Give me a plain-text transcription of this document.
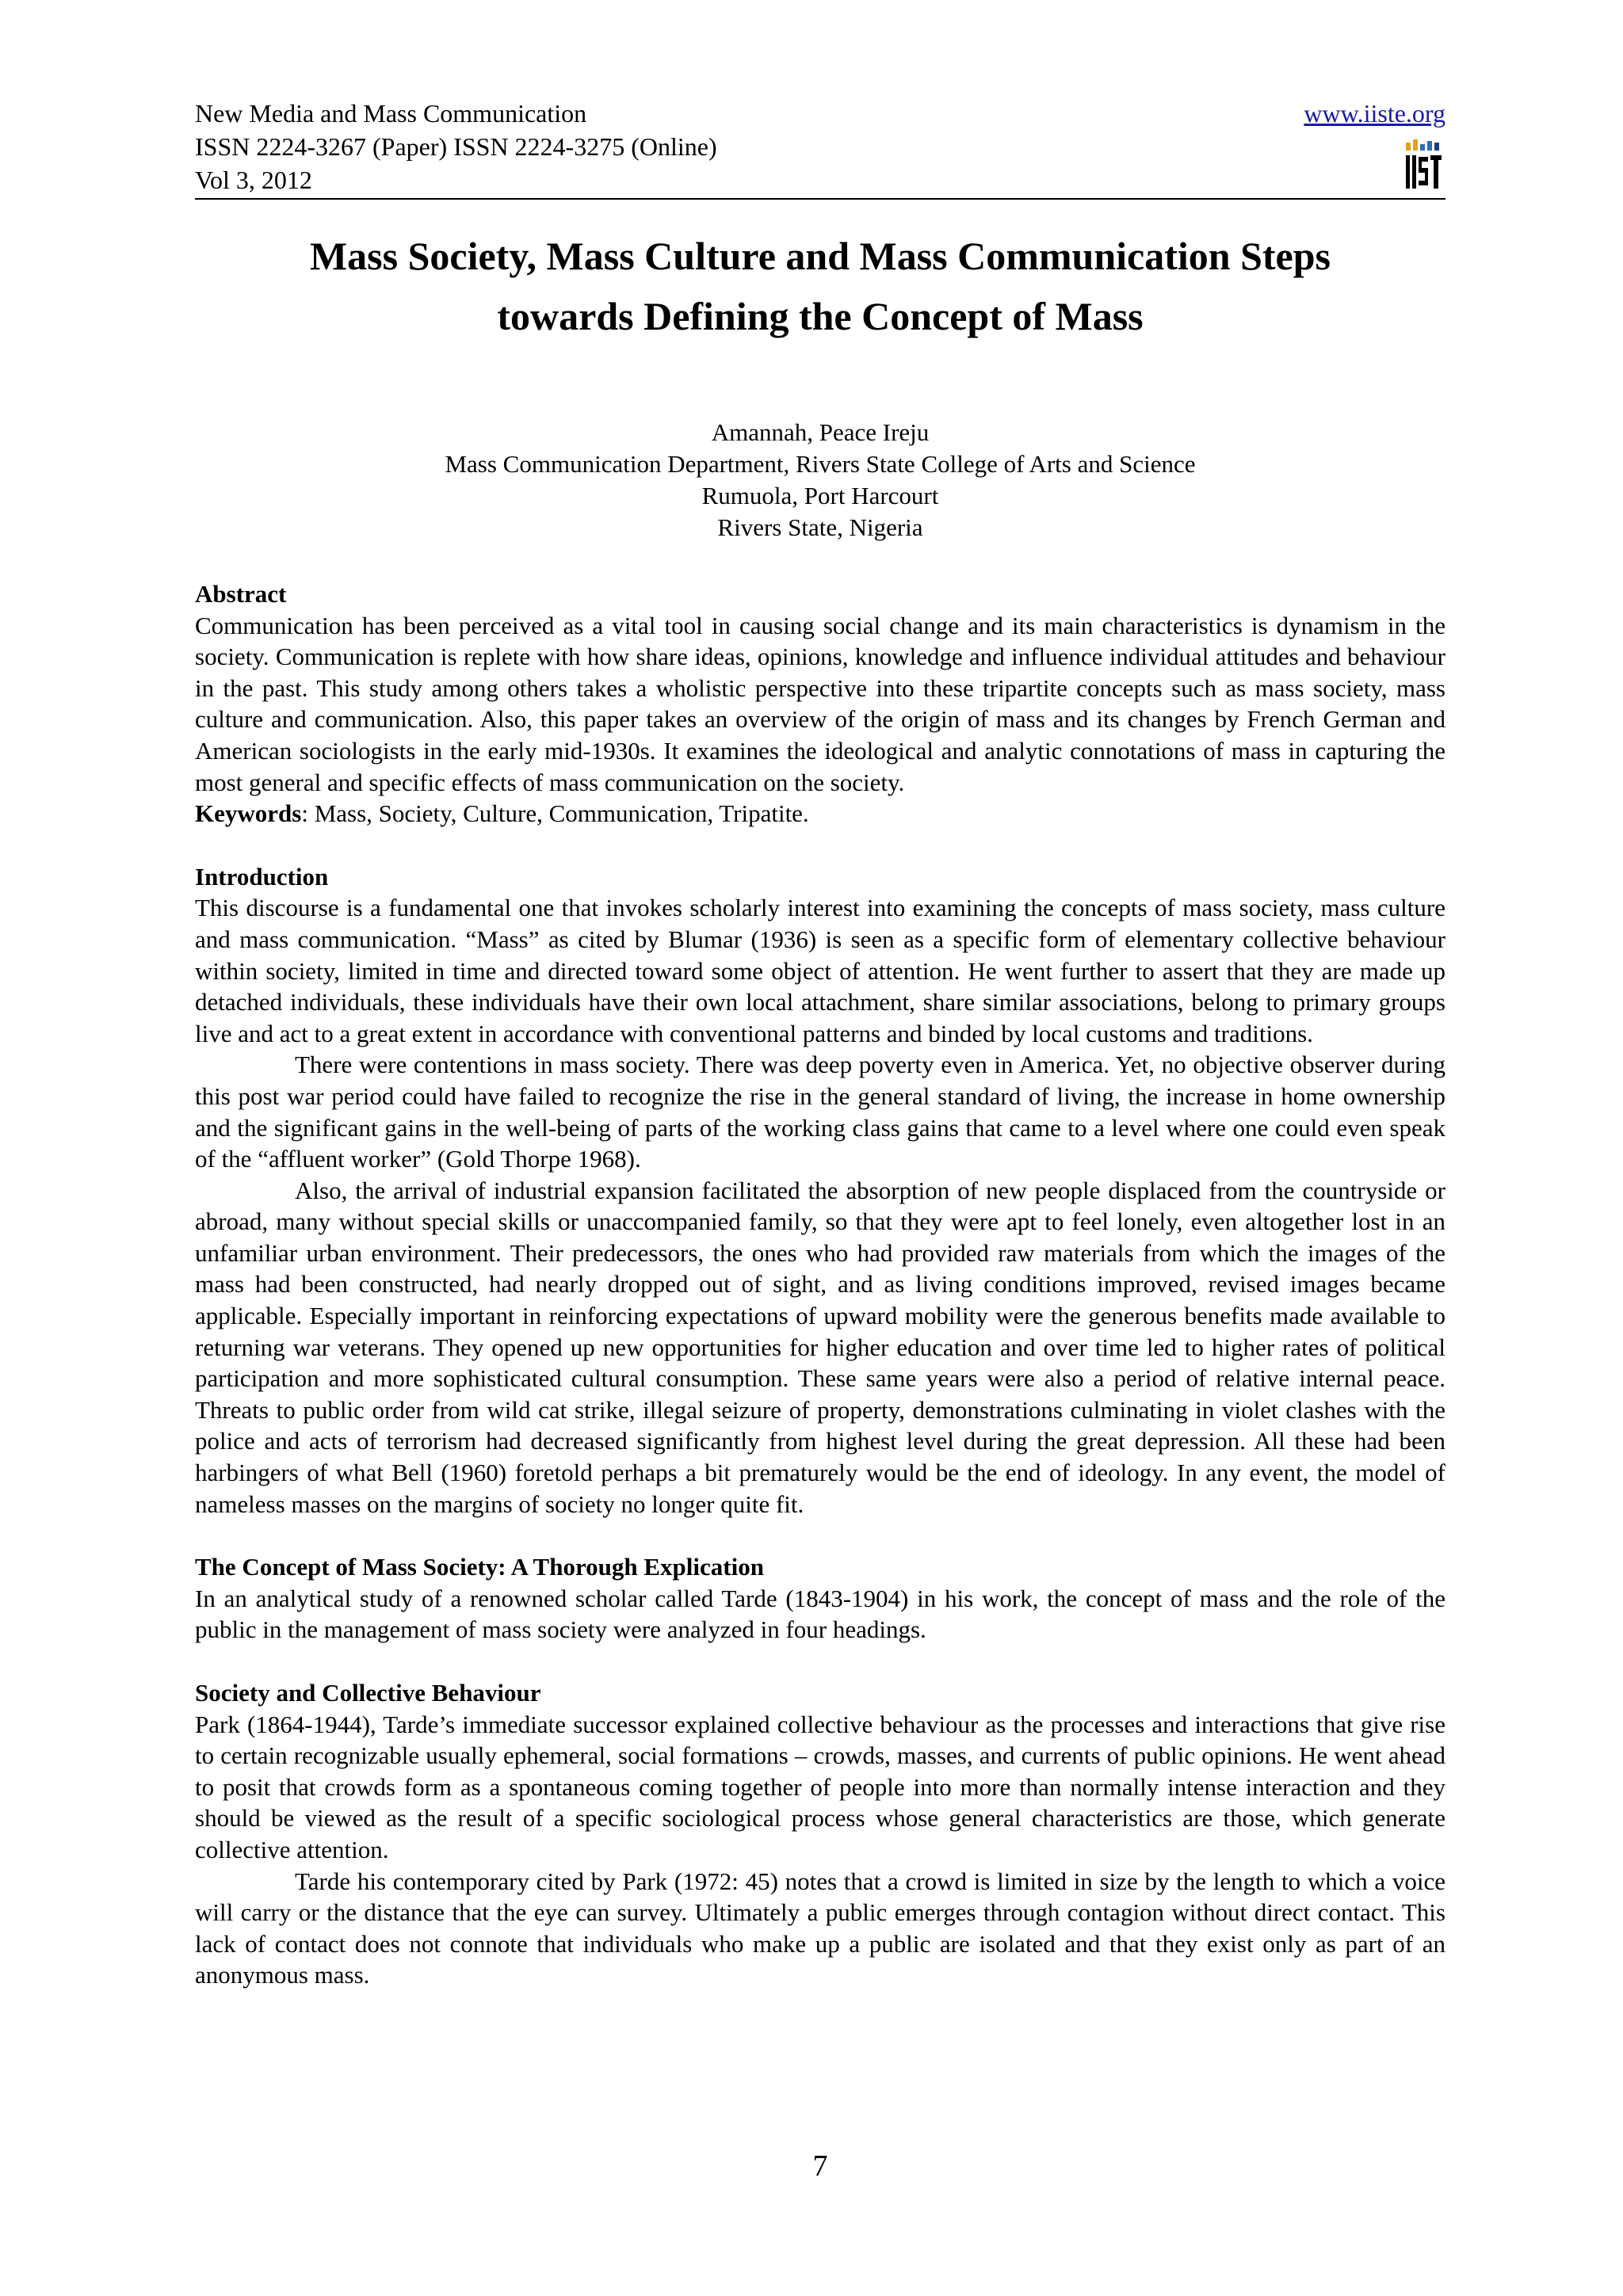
New Media and Mass Communication
ISSN 2224-3267 (Paper) ISSN 2224-3275 (Online)
Vol 3, 2012
www.iiste.org
Mass Society, Mass Culture and Mass Communication Steps
towards Defining the Concept of Mass
Amannah, Peace Ireju
Mass Communication Department, Rivers State College of Arts and Science
Rumuola, Port Harcourt
Rivers State, Nigeria

Abstract

Communication has been perceived as a vital tool in causing social change and its main characteristics is dynamism in the society. Communication is replete with how share ideas, opinions, knowledge and influence individual attitudes and behaviour in the past. This study among others takes a wholistic perspective into these tripartite concepts such as mass society, mass culture and communication. Also, this paper takes an overview of the origin of mass and its changes by French German and American sociologists in the early mid-1930s. It examines the ideological and analytic connotations of mass in capturing the most general and specific effects of mass communication on the society.

Keywords: Mass, Society, Culture, Communication, Tripatite.

Introduction

This discourse is a fundamental one that invokes scholarly interest into examining the concepts of mass society, mass culture and mass communication. “Mass” as cited by Blumar (1936) is seen as a specific form of elementary collective behaviour within society, limited in time and directed toward some object of attention. He went further to assert that they are made up detached individuals, these individuals have their own local attachment, share similar associations, belong to primary groups live and act to a great extent in accordance with conventional patterns and binded by local customs and traditions.

There were contentions in mass society. There was deep poverty even in America. Yet, no objective observer during this post war period could have failed to recognize the rise in the general standard of living, the increase in home ownership and the significant gains in the well-being of parts of the working class gains that came to a level where one could even speak of the “affluent worker” (Gold Thorpe 1968).

Also, the arrival of industrial expansion facilitated the absorption of new people displaced from the countryside or abroad, many without special skills or unaccompanied family, so that they were apt to feel lonely, even altogether lost in an unfamiliar urban environment. Their predecessors, the ones who had provided raw materials from which the images of the mass had been constructed, had nearly dropped out of sight, and as living conditions improved, revised images became applicable. Especially important in reinforcing expectations of upward mobility were the generous benefits made available to returning war veterans. They opened up new opportunities for higher education and over time led to higher rates of political participation and more sophisticated cultural consumption. These same years were also a period of relative internal peace. Threats to public order from wild cat strike, illegal seizure of property, demonstrations culminating in violet clashes with the police and acts of terrorism had decreased significantly from highest level during the great depression. All these had been harbingers of what Bell (1960) foretold perhaps a bit prematurely would be the end of ideology. In any event, the model of nameless masses on the margins of society no longer quite fit.

The Concept of Mass Society: A Thorough Explication

In an analytical study of a renowned scholar called Tarde (1843-1904) in his work, the concept of mass and the role of the public in the management of mass society were analyzed in four headings.

Society and Collective Behaviour

Park (1864-1944), Tarde’s immediate successor explained collective behaviour as the processes and interactions that give rise to certain recognizable usually ephemeral, social formations – crowds, masses, and currents of public opinions. He went ahead to posit that crowds form as a spontaneous coming together of people into more than normally intense interaction and they should be viewed as the result of a specific sociological process whose general characteristics are those, which generate collective attention.

Tarde his contemporary cited by Park (1972: 45) notes that a crowd is limited in size by the length to which a voice will carry or the distance that the eye can survey. Ultimately a public emerges through contagion without direct contact. This lack of contact does not connote that individuals who make up a public are isolated and that they exist only as part of an anonymous mass.

7
